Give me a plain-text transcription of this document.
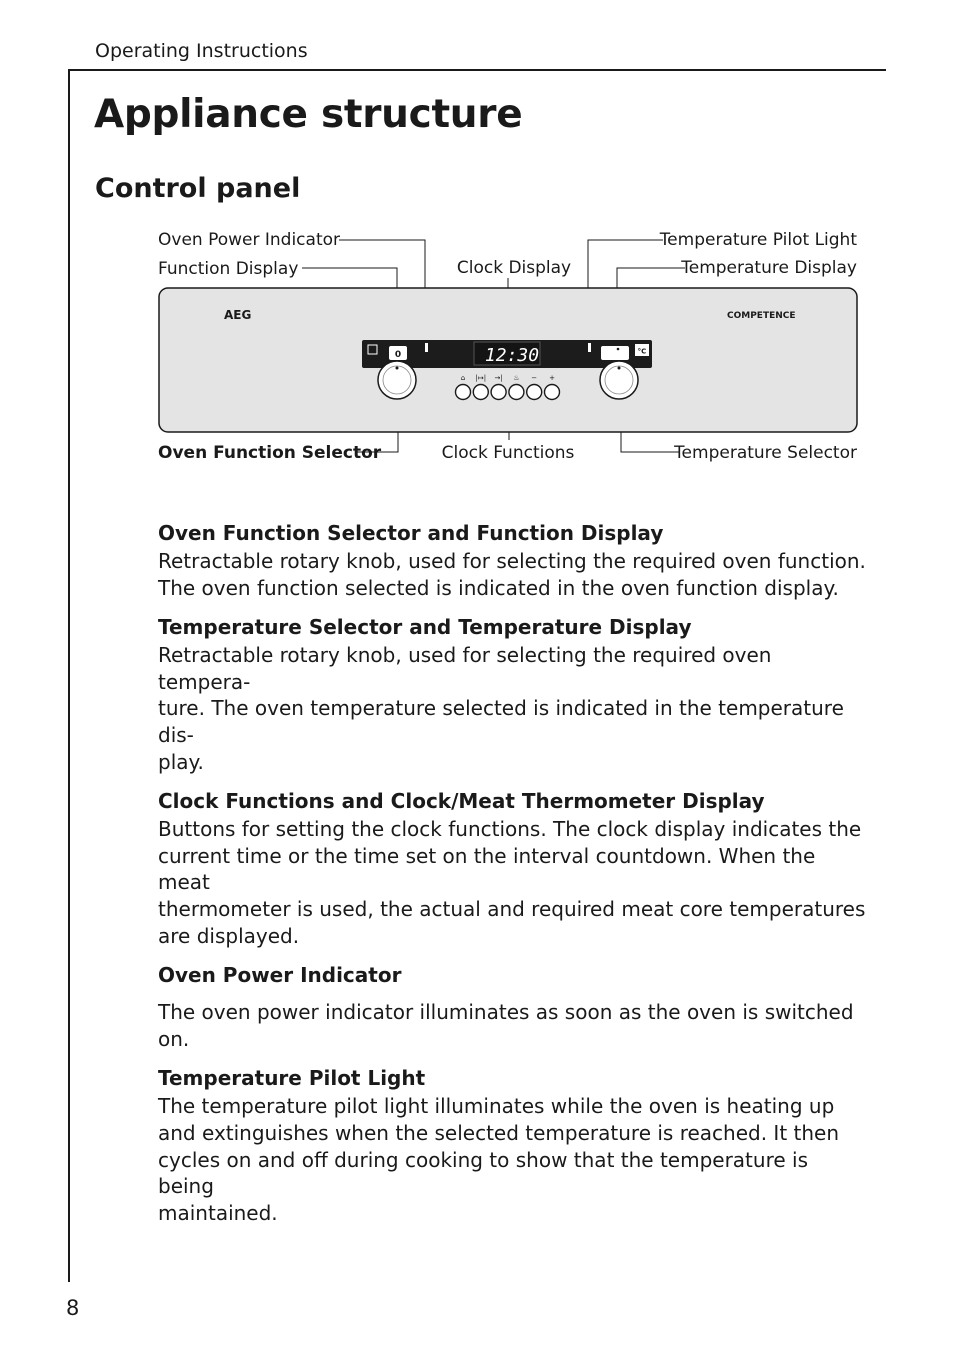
Operating Instructions
Appliance structure
Control panel
Oven Power Indicator
Function Display	Clock Display
Temperature Pilot Light
Temperature Display
Oven Function Selector	Clock Functions	Temperature Selector
AEG	COMPETENCE
0	12:30	°C
⌂ |↦| →| ♨ − +
Oven Function Selector and Function Display

Retractable rotary knob, used for selecting the required oven function.
The oven function selected is indicated in the oven function display.

Temperature Selector and Temperature Display

Retractable rotary knob, used for selecting the required oven tempera-
ture. The oven temperature selected is indicated in the temperature dis-
play.

Clock Functions and Clock/Meat Thermometer Display

Buttons for setting the clock functions. The clock display indicates the
current time or the time set on the interval countdown. When the meat
thermometer is used, the actual and required meat core temperatures
are displayed.

Oven Power Indicator

The oven power indicator illuminates as soon as the oven is switched
on.

Temperature Pilot Light

The temperature pilot light illuminates while the oven is heating up
and extinguishes when the selected temperature is reached. It then
cycles on and off during cooking to show that the temperature is being
maintained.

8
